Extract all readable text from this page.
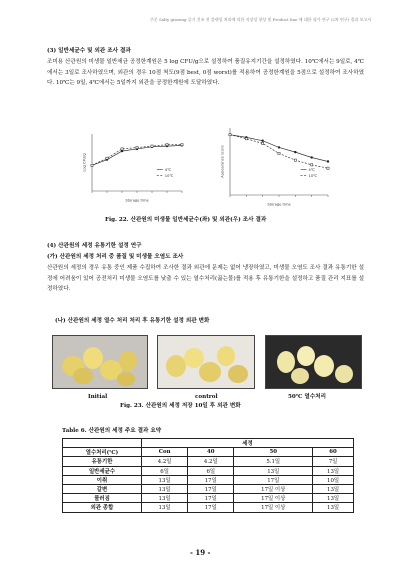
주문 Salty ginseng 증기 건조 전 블랜칭 처리에 의한 저장성 향상 및 Product line 에 대한 평가 연구 (2차 연구) 결과 보고서
(3) 일반세균수 및 외관 조사 결과
조미용 산관원의 미생물 일반세균 공정한계원은 5 log CFU/g으로 설정하여 품질유지기간을 설정하였다. 10℃에서는 9일로, 4℃에서는 3일로 조사하였으며, 외관의 경우 10점 척도(9점 best, 0점 worst)를 적용하여 공정한계원을 5점으로 설정하여 조사하였다. 10℃는 9일, 4℃에서는 5일까지 외관을 공정한계원에 도달하였다.
4℃
10℃
Storage time
Log CFU/g	4℃
10℃
Storage time
Appearance score
Fig. 22. 산관원의 미생물 일반세균수(좌) 및 외관(우) 조사 결과
(4) 산관원의 세정 유통기한 설정 연구
(가) 산관원의 세정 처리 중 품질 및 미생물 오염도 조사
산관원의 세정의 경우 유통 중인 제품 수집하여 조사한 결과 외관에 문제는 없어 냉장하였고, 미생물 오염도 조사 결과 유통기한 설정에 어려움이 있어 공전처리 미생물 오염도를 낮출 수 있는 열수처리(끓는물)를 적용 후 유통기한을 설정하고 품질 관리 지표를 설정하였다.
(나) 산관원의 세정 열수 처리 처리 후 유통기한 설정 외관 변화
Initial	control	50℃ 열수처리
Fig. 23. 산관원의 세정 저장 10일 후 외관 변화
Table 6. 산관원의 세정 주요 결과 요약
	세정			
열수처리(℃)	Con	40	50	60
유통기한	4.2일	4.2일	5.1일	7일
일반세균수	6일	6일	13일	13일
이취	13일	17일	17일	10일
갈변	13일	17일	17일 이상	13일
물러짐	13일	17일	17일 이상	13일
외관 종합	13일	17일	17일 이상	13일
- 19 -
